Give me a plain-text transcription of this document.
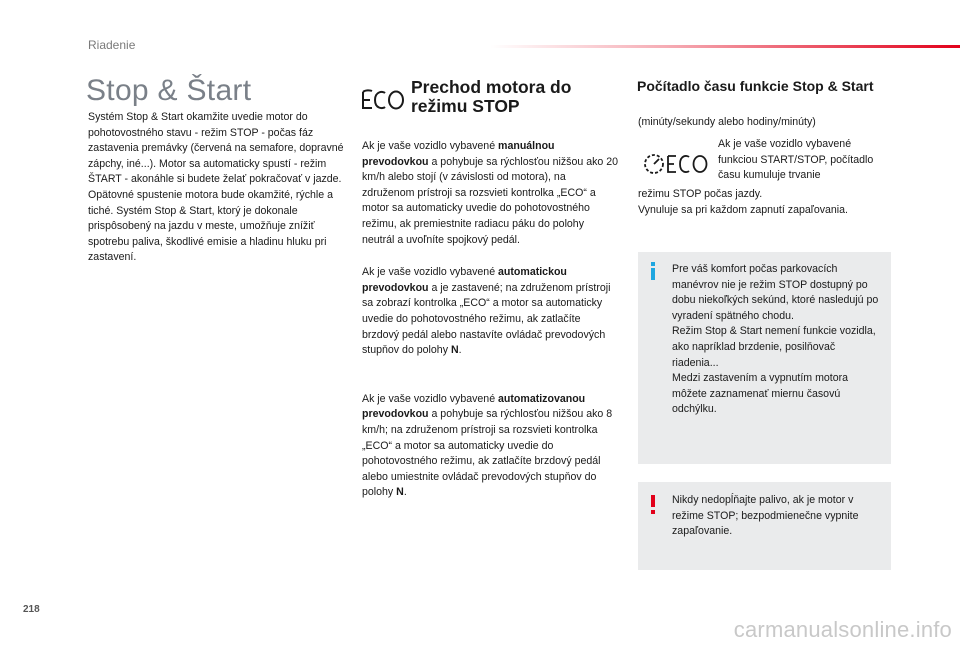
Riadenie
Stop & Štart

Systém Stop & Start okamžite uvedie motor do pohotovostného stavu - režim STOP - počas fáz zastavenia premávky (červená na semafore, dopravné zápchy, iné...). Motor sa automaticky spustí - režim ŠTART - akonáhle si budete želať pokračovať v jazde. Opätovné spustenie motora bude okamžité, rýchle a tiché. Systém Stop & Start, ktorý je dokonale prispôsobený na jazdu v meste, umožňuje znížiť spotrebu paliva, škodlivé emisie a hladinu hluku pri zastavení.

Prechod motora do režimu STOP

Ak je vaše vozidlo vybavené manuálnou prevodovkou a pohybuje sa rýchlosťou nižšou ako 20 km/h alebo stojí (v závislosti od motora), na združenom prístroji sa rozsvieti kontrolka „ECO“ a motor sa automaticky uvedie do pohotovostného režimu, ak premiestnite radiacu páku do polohy neutrál a uvoľníte spojkový pedál.

Ak je vaše vozidlo vybavené automatickou prevodovkou a je zastavené; na združenom prístroji sa zobrazí kontrolka „ECO“ a motor sa automaticky uvedie do pohotovostného režimu, ak zatlačíte brzdový pedál alebo nastavíte ovládač prevodových stupňov do polohy N.

Ak je vaše vozidlo vybavené automatizovanou prevodovkou a pohybuje sa rýchlosťou nižšou ako 8 km/h; na združenom prístroji sa rozsvieti kontrolka „ECO“ a motor sa automaticky uvedie do pohotovostného režimu, ak zatlačíte brzdový pedál alebo umiestnite ovládač prevodových stupňov do polohy N.

Počítadlo času funkcie Stop & Start
(minúty/sekundy alebo hodiny/minúty)
Ak je vaše vozidlo vybavené funkciou START/STOP, počítadlo času kumuluje trvanie
režimu STOP počas jazdy.
Vynuluje sa pri každom zapnutí zapaľovania.
Pre váš komfort počas parkovacích manévrov nie je režim STOP dostupný po dobu niekoľkých sekúnd, ktoré nasledujú po vyradení spätného chodu.
Režim Stop & Start nemení funkcie vozidla, ako napríklad brzdenie, posilňovač riadenia...
Medzi zastavením a vypnutím motora môžete zaznamenať miernu časovú odchýlku.
Nikdy nedopĺňajte palivo, ak je motor v režime STOP; bezpodmienečne vypnite zapaľovanie.
218
carmanualsonline.info
